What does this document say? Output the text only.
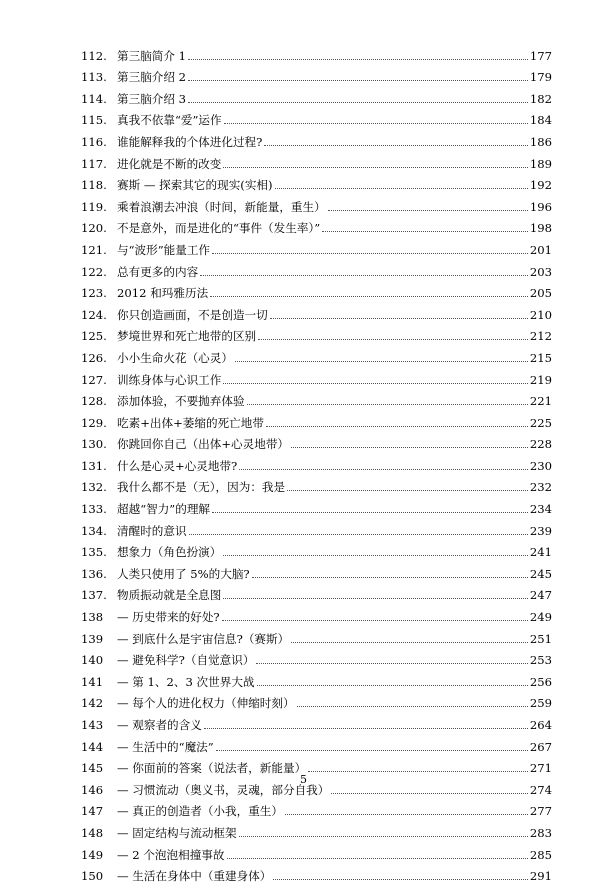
112. 第三脑简介 1	177
113. 第三脑介绍 2	179
114. 第三脑介绍 3	182
115. 真我不依靠“爱”运作	184
116. 谁能解释我的个体进化过程?	186
117. 进化就是不断的改变	189
118. 赛斯 — 探索其它的现实(实相)	192
119. 乘着浪潮去冲浪（时间，新能量，重生）	196
120. 不是意外，而是进化的“事件（发生率）”	198
121. 与“波形”能量工作	201
122. 总有更多的内容	203
123. 2012 和玛雅历法	205
124. 你只创造画面，不是创造一切	210
125. 梦境世界和死亡地带的区别	212
126. 小小生命火花（心灵）	215
127. 训练身体与心识工作	219
128. 添加体验，不要抛弃体验	221
129. 吃素+出体+萎缩的死亡地带	225
130. 你跳回你自己（出体+心灵地带）	228
131. 什么是心灵+心灵地带?	230
132. 我什么都不是（无），因为：我是	232
133. 超越“智力”的理解	234
134. 清醒时的意识	239
135. 想象力（角色扮演）	241
136. 人类只使用了 5%的大脑?	245
137. 物质振动就是全息图	247
138	— 历史带来的好处?	249
139	— 到底什么是宇宙信息?（赛斯）	251
140	— 避免科学?（自觉意识）	253
141	— 第 1、2、3 次世界大战	256
142	— 每个人的进化权力（伸缩时刻）	259
143	— 观察者的含义	264
144	— 生活中的“魔法”	267
145	— 你面前的答案（说法者，新能量）	271
146	— 习惯流动（奥义书，灵魂，部分自我）	274
147	— 真正的创造者（小我，重生）	277
148	— 固定结构与流动框架	283
149	— 2 个泡泡相撞事故	285
150	— 生活在身体中（重建身体）	291
5
